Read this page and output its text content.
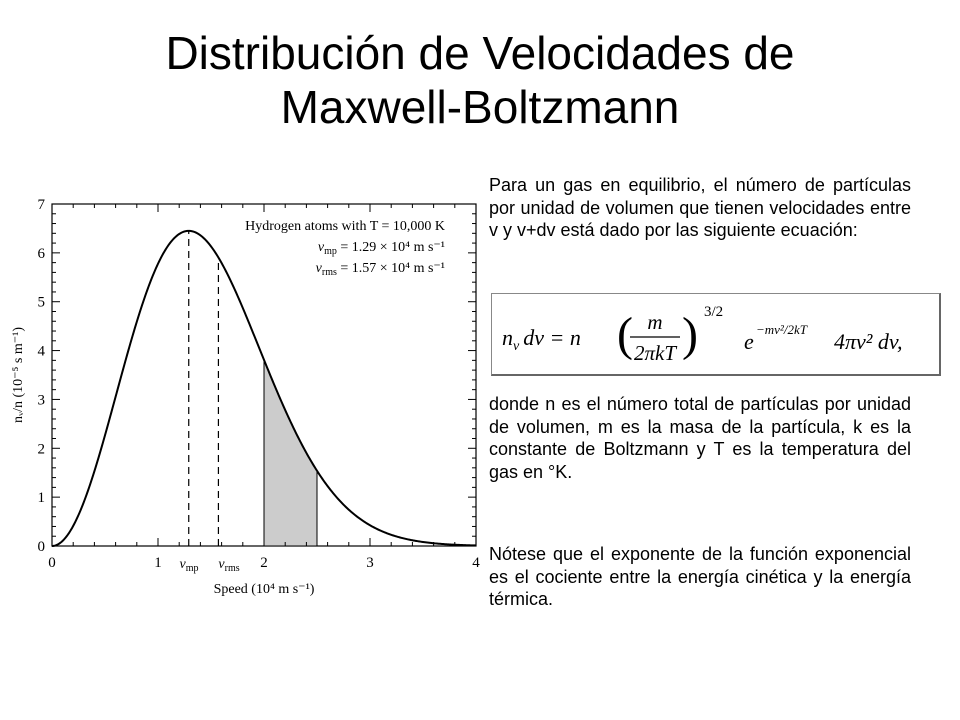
Distribución de Velocidades de
Maxwell-Boltzmann
0	1	2	3	4
0
1
2
3
4
5
6
7
$v_{mp}$ $v_{rms}$
Speed (10⁴ m s⁻¹)
nᵥ/n (10⁻⁵ s m⁻¹)
Hydrogen atoms with T = 10,000 K
$v_{mp} = 1.29 \times 10^4$ m s⁻¹
$v_{rms} = 1.57 \times 10^4$ m s⁻¹
Para un gas en equilibrio, el número de partículas por unidad de volumen que tienen velocidades entre v y v+dv está dado por las siguiente ecuación:
$n_v$ dv = n ( m
2πkT ) 3/2
e −mv²/2kT 4πv² dv,
donde n es el número total de partículas por unidad de volumen, m es la masa de la partícula, k es la constante de Boltzmann y T es la temperatura del gas en °K.
Nótese que el exponente de la función exponencial es el cociente entre la energía cinética y la energía térmica.
